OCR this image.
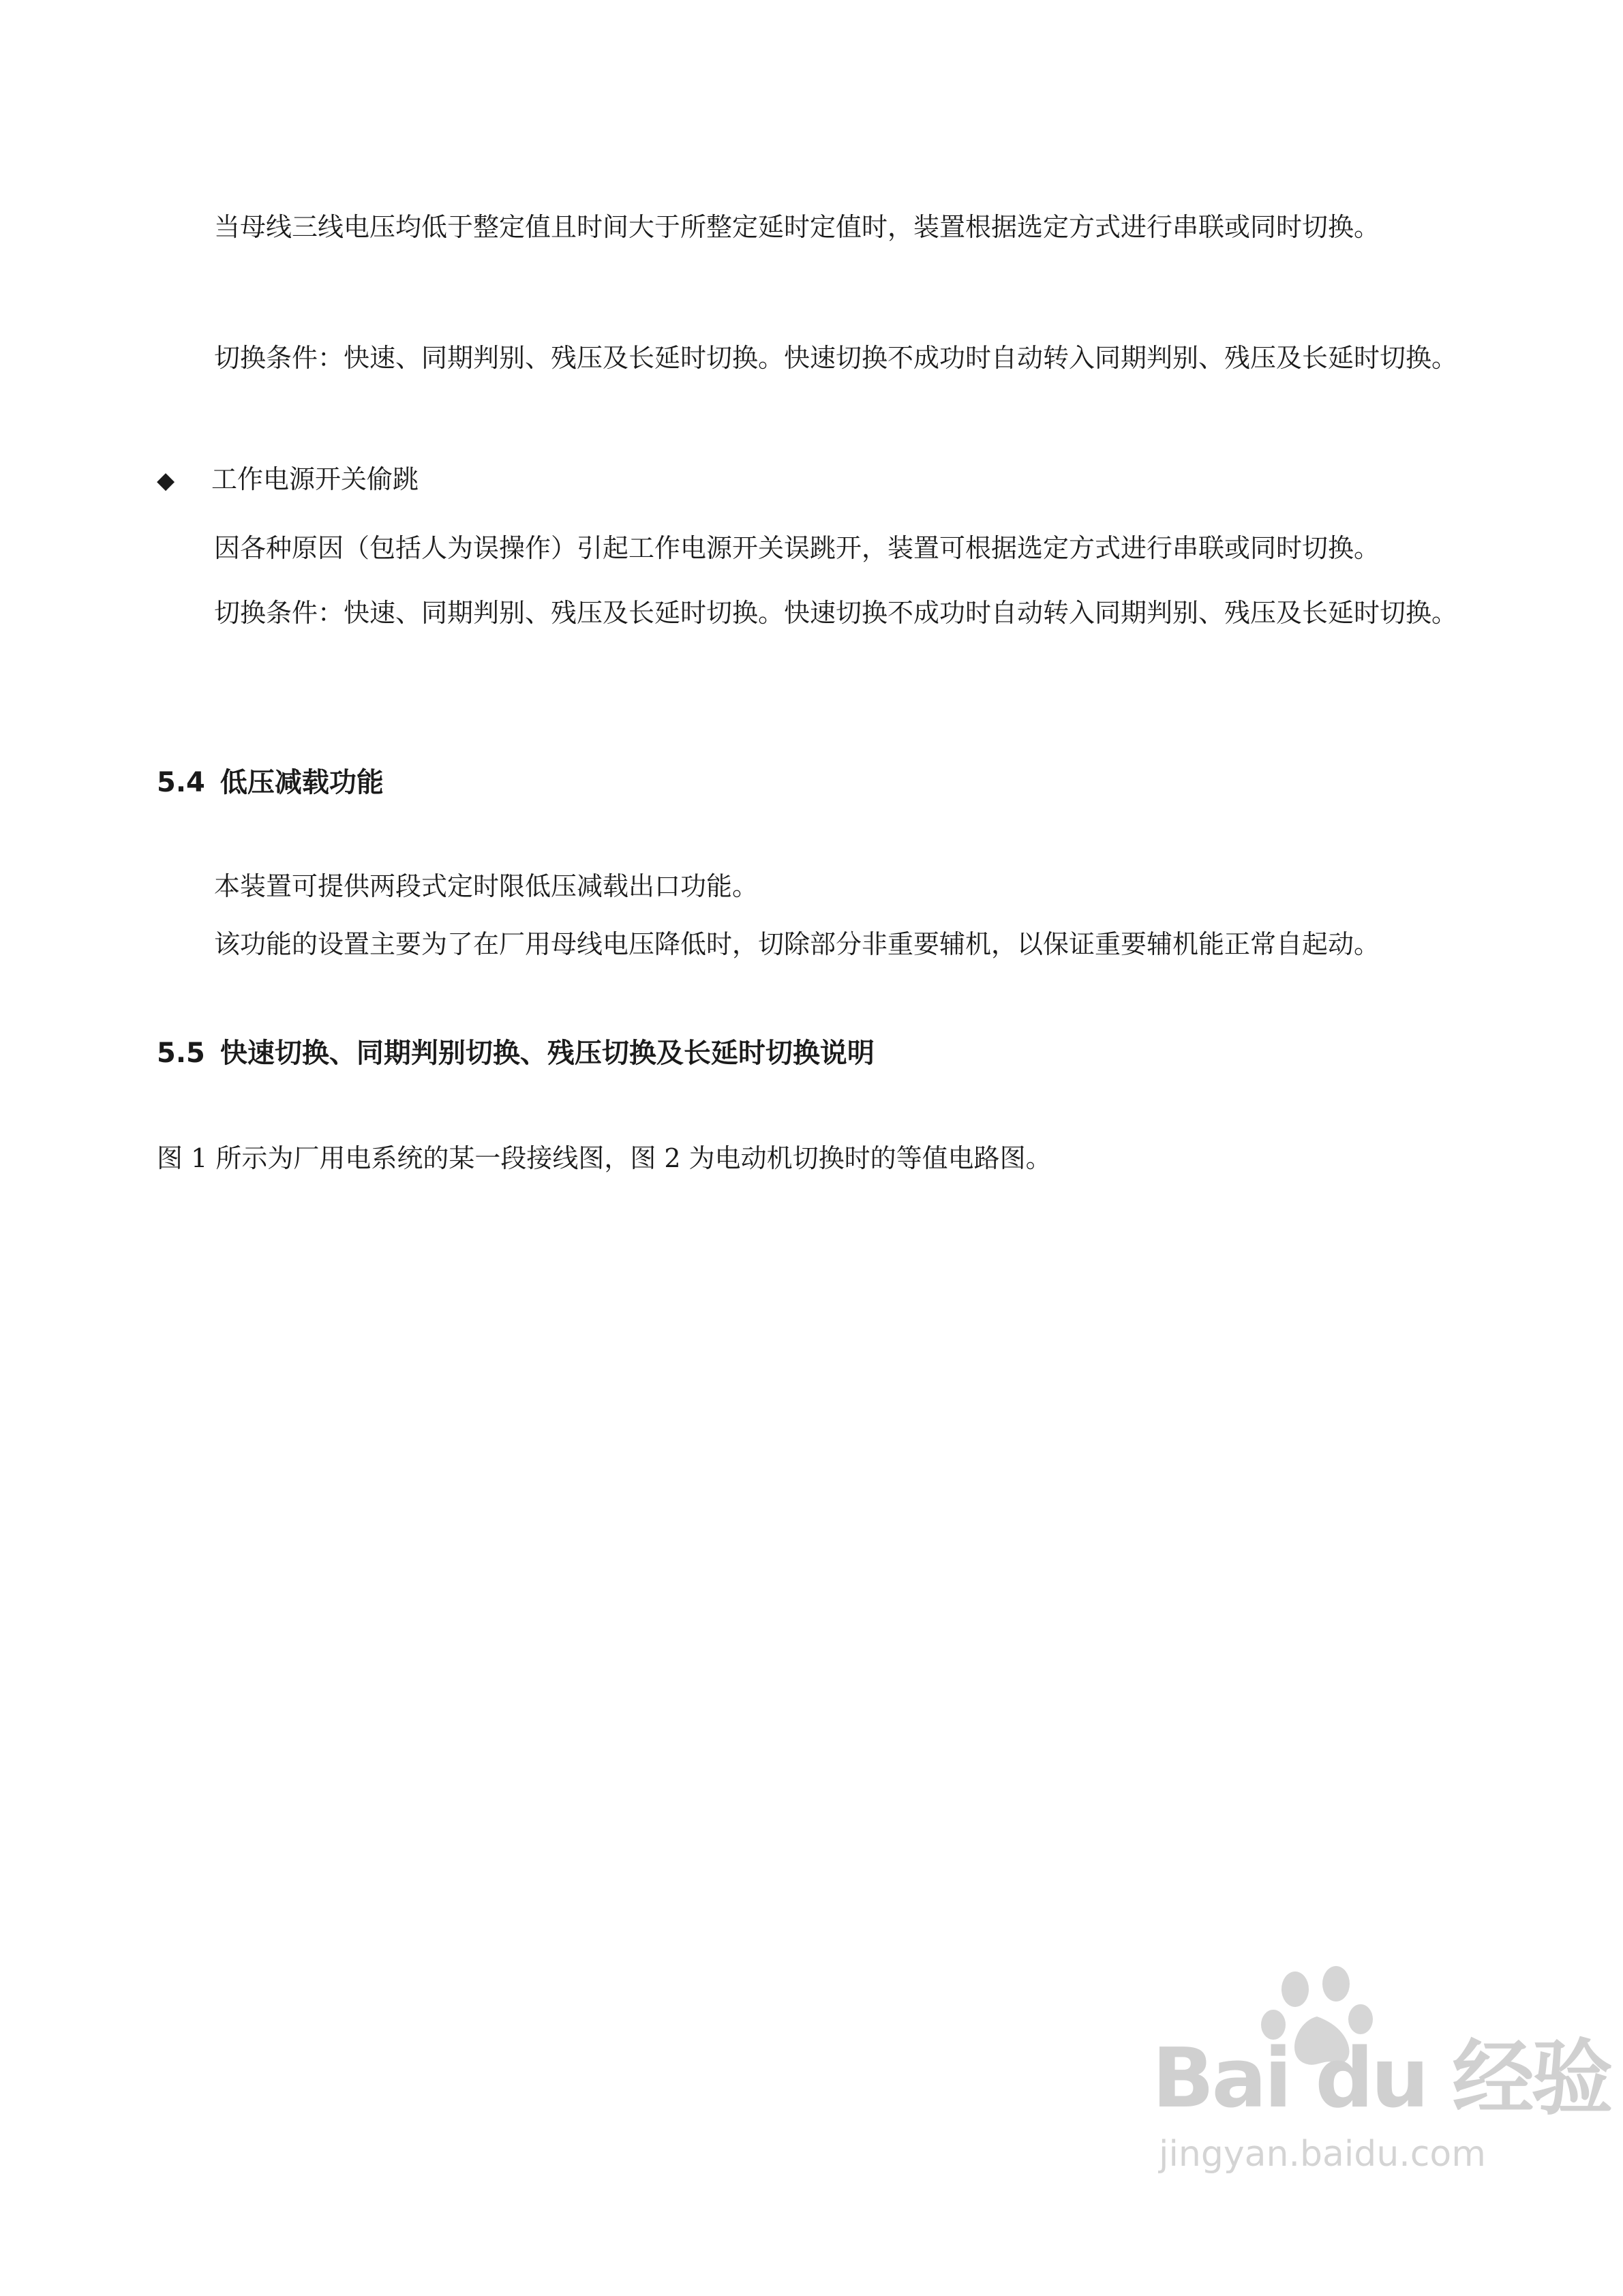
当母线三线电压均低于整定值且时间大于所整定延时定值时，装置根据选定方式进行串联或同时切换。

切换条件：快速、同期判别、残压及长延时切换。快速切换不成功时自动转入同期判别、残压及长延时切换。

◆ 工作电源开关偷跳

因各种原因（包括人为误操作）引起工作电源开关误跳开，装置可根据选定方式进行串联或同时切换。

切换条件：快速、同期判别、残压及长延时切换。快速切换不成功时自动转入同期判别、残压及长延时切换。

5.4 低压减载功能

本装置可提供两段式定时限低压减载出口功能。

该功能的设置主要为了在厂用母线电压降低时，切除部分非重要辅机，以保证重要辅机能正常自起动。

5.5 快速切换、同期判别切换、残压切换及长延时切换说明

图 1 所示为厂用电系统的某一段接线图，图 2 为电动机切换时的等值电路图。

Bai du 经验
jingyan.baidu.com
